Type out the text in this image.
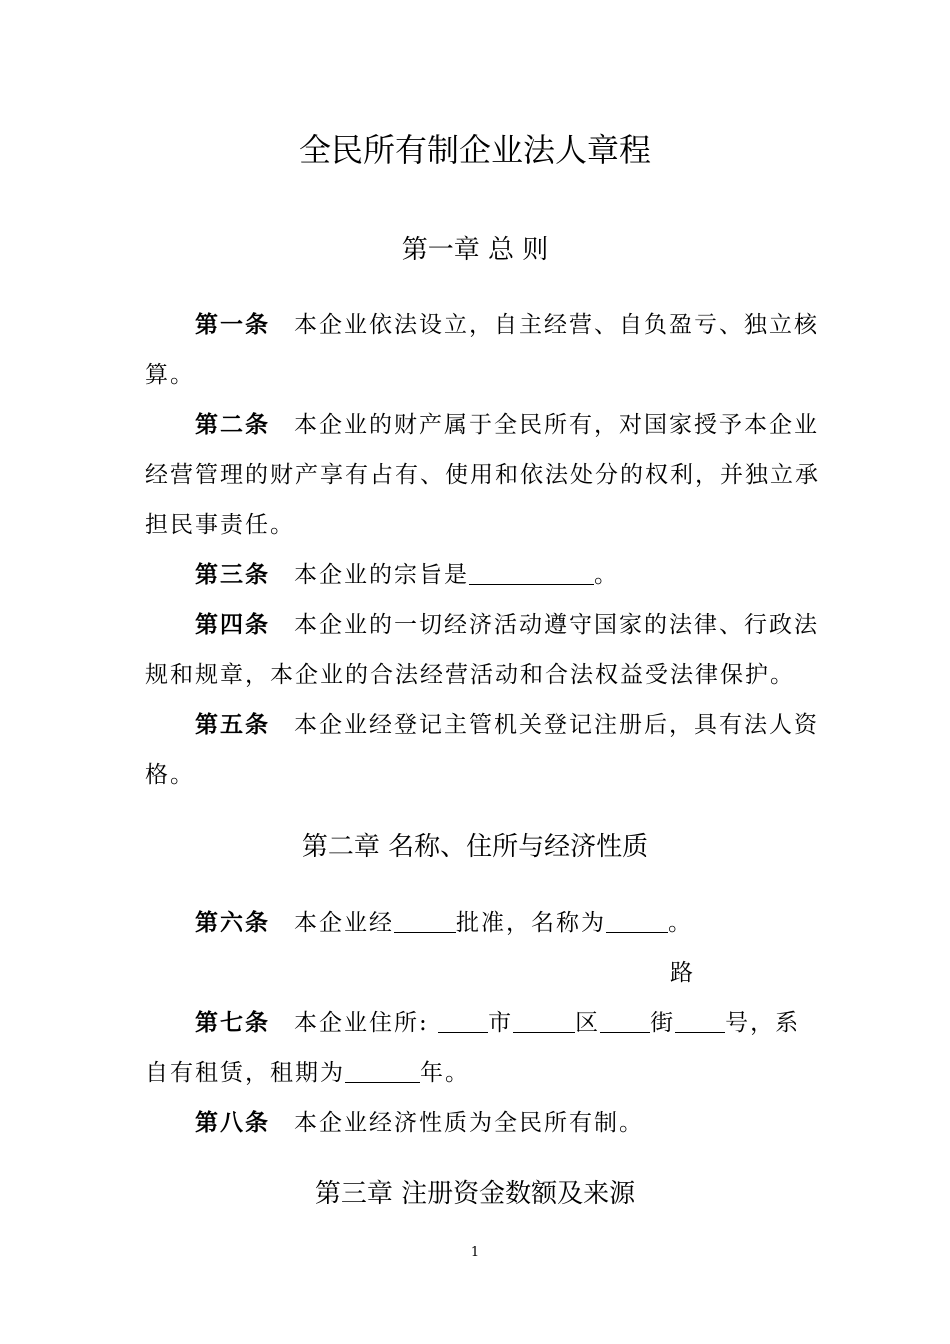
全民所有制企业法人章程
第一章 总 则
第一条 本企业依法设立，自主经营、自负盈亏、独立核算。
第二条 本企业的财产属于全民所有，对国家授予本企业经营管理的财产享有占有、使用和依法处分的权利，并独立承担民事责任。
第三条 本企业的宗旨是	。
第四条 本企业的一切经济活动遵守国家的法律、行政法规和规章，本企业的合法经营活动和合法权益受法律保护。
第五条 本企业经登记主管机关登记注册后，具有法人资格。
第二章 名称、住所与经济性质
第六条 本企业经	批准，名称为	。
路
第七条 本企业住所: 市	区 街 号，系自有租赁，租期为	年。
第八条 本企业经济性质为全民所有制。
第三章 注册资金数额及来源
1
